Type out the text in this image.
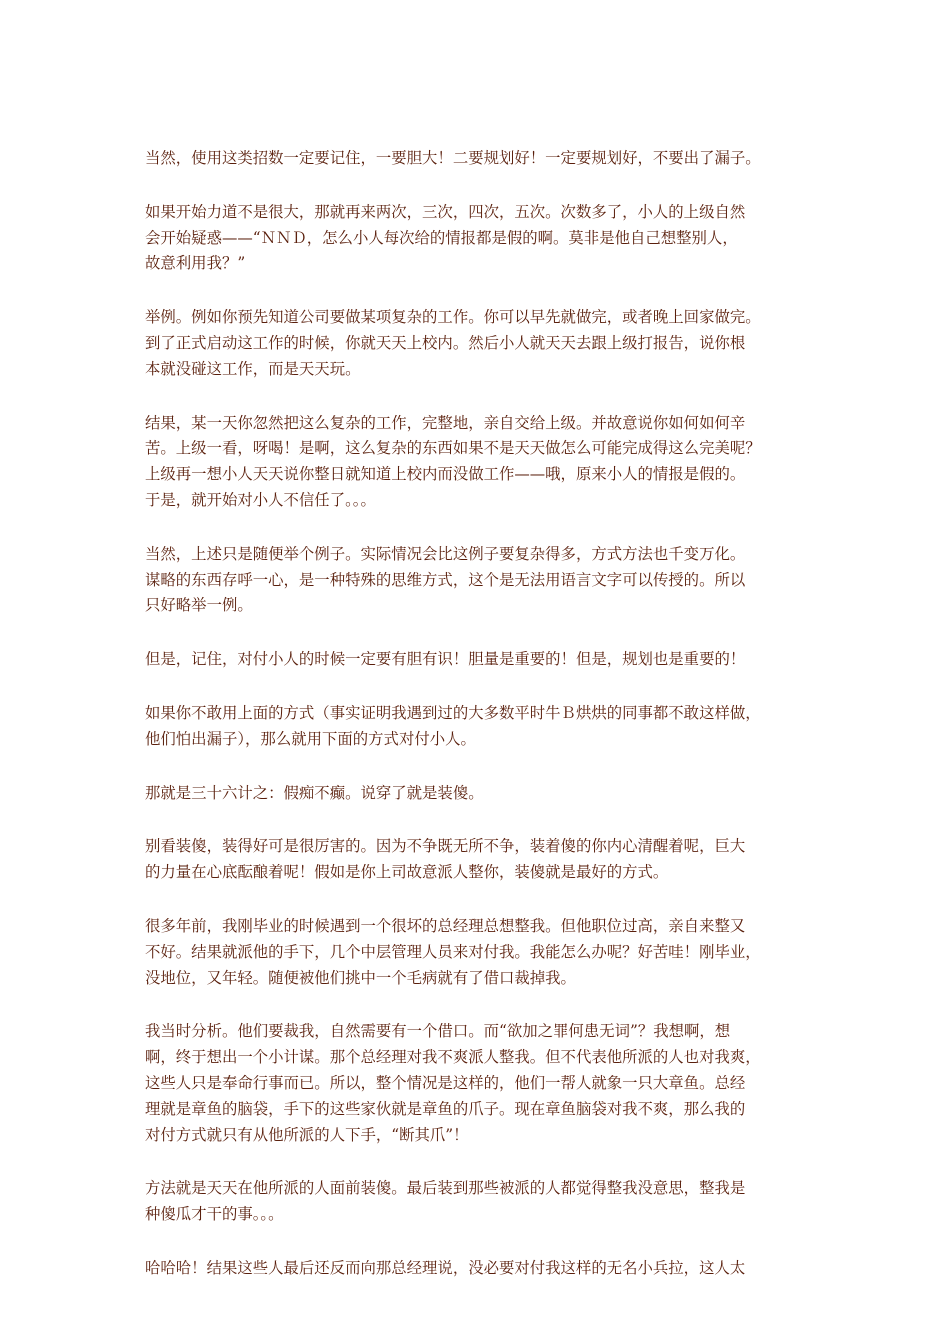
当然，使用这类招数一定要记住，一要胆大！二要规划好！一定要规划好，不要出了漏子。

如果开始力道不是很大，那就再来两次，三次，四次，五次。次数多了，小人的上级自然
会开始疑惑——“ＮＮＤ，怎么小人每次给的情报都是假的啊。莫非是他自己想整别人，
故意利用我？”

举例。例如你预先知道公司要做某项复杂的工作。你可以早先就做完，或者晚上回家做完。
到了正式启动这工作的时候，你就天天上校内。然后小人就天天去跟上级打报告，说你根
本就没碰这工作，而是天天玩。

结果，某一天你忽然把这么复杂的工作，完整地，亲自交给上级。并故意说你如何如何辛
苦。上级一看，呀喝！是啊，这么复杂的东西如果不是天天做怎么可能完成得这么完美呢？
上级再一想小人天天说你整日就知道上校内而没做工作——哦，原来小人的情报是假的。
于是，就开始对小人不信任了。。。

当然，上述只是随便举个例子。实际情况会比这例子要复杂得多，方式方法也千变万化。
谋略的东西存呼一心，是一种特殊的思维方式，这个是无法用语言文字可以传授的。所以
只好略举一例。

但是，记住，对付小人的时候一定要有胆有识！胆量是重要的！但是，规划也是重要的！

如果你不敢用上面的方式（事实证明我遇到过的大多数平时牛Ｂ烘烘的同事都不敢这样做，
他们怕出漏子），那么就用下面的方式对付小人。

那就是三十六计之：假痴不癫。说穿了就是装傻。

别看装傻，装得好可是很厉害的。因为不争既无所不争，装着傻的你内心清醒着呢，巨大
的力量在心底酝酿着呢！假如是你上司故意派人整你，装傻就是最好的方式。

很多年前，我刚毕业的时候遇到一个很坏的总经理总想整我。但他职位过高，亲自来整又
不好。结果就派他的手下，几个中层管理人员来对付我。我能怎么办呢？好苦哇！刚毕业，
没地位，又年轻。随便被他们挑中一个毛病就有了借口裁掉我。

我当时分析。他们要裁我，自然需要有一个借口。而“欲加之罪何患无词”？我想啊，想
啊，终于想出一个小计谋。那个总经理对我不爽派人整我。但不代表他所派的人也对我爽，
这些人只是奉命行事而已。所以，整个情况是这样的，他们一帮人就象一只大章鱼。总经
理就是章鱼的脑袋，手下的这些家伙就是章鱼的爪子。现在章鱼脑袋对我不爽，那么我的
对付方式就只有从他所派的人下手，“断其爪”！

方法就是天天在他所派的人面前装傻。最后装到那些被派的人都觉得整我没意思，整我是
种傻瓜才干的事。。。

哈哈哈！结果这些人最后还反而向那总经理说，没必要对付我这样的无名小兵拉，这人太
